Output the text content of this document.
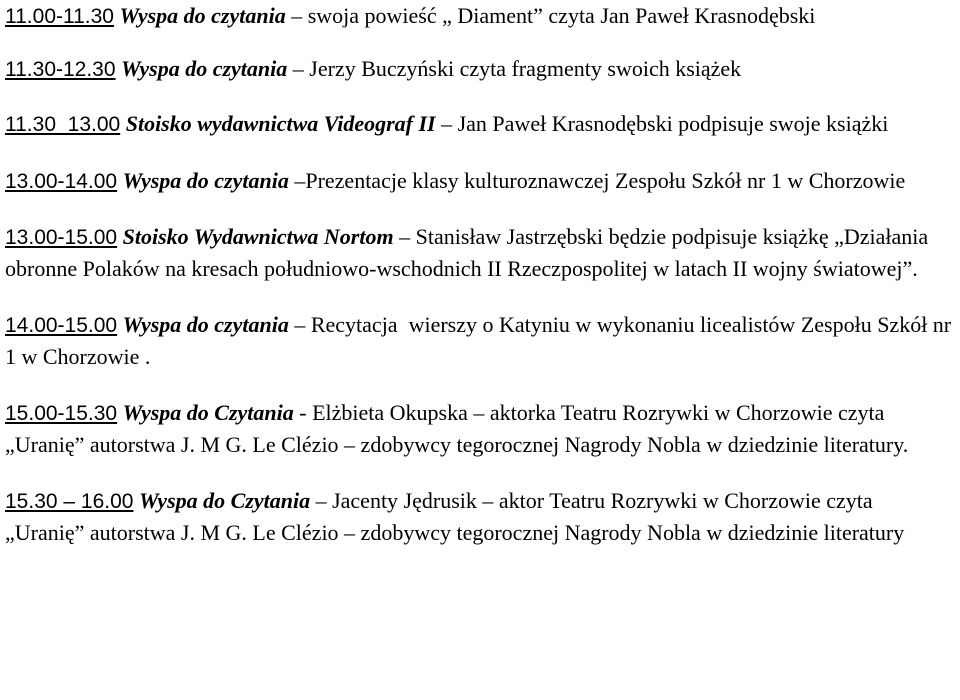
11.00-11.30 Wyspa do czytania – swoja powieść „ Diament” czyta Jan Paweł Krasnodębski

11.30-12.30 Wyspa do czytania – Jerzy Buczyński czyta fragmenty swoich książek

11.30  13.00 Stoisko wydawnictwa Videograf II – Jan Paweł Krasnodębski podpisuje swoje książki

13.00-14.00 Wyspa do czytania –Prezentacje klasy kulturoznawczej Zespołu Szkół nr 1 w Chorzowie

13.00-15.00 Stoisko Wydawnictwa Nortom – Stanisław Jastrzębski będzie podpisuje książkę „Działania obronne Polaków na kresach południowo-wschodnich II Rzeczpospolitej w latach II wojny światowej”.

14.00-15.00 Wyspa do czytania – Recytacja  wierszy o Katyniu w wykonaniu licealistów Zespołu Szkół nr 1 w Chorzowie .

15.00-15.30 Wyspa do Czytania - Elżbieta Okupska – aktorka Teatru Rozrywki w Chorzowie czyta „Uranię” autorstwa J. M G. Le Clézio – zdobywcy tegorocznej Nagrody Nobla w dziedzinie literatury.

15.30 – 16.00 Wyspa do Czytania – Jacenty Jędrusik – aktor Teatru Rozrywki w Chorzowie czyta „Uranię” autorstwa J. M G. Le Clézio – zdobywcy tegorocznej Nagrody Nobla w dziedzinie literatury
